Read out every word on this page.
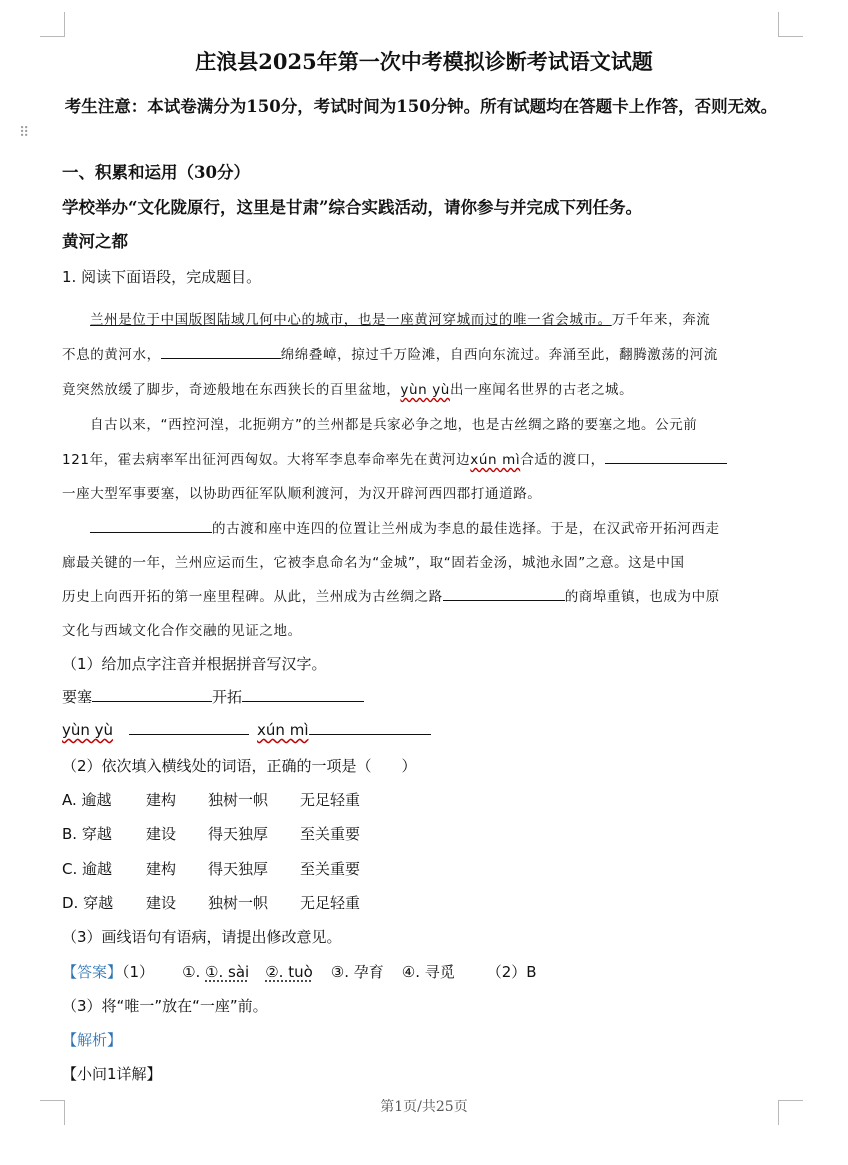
⠿
庄浪县2025年第一次中考模拟诊断考试语文试题
考生注意：本试卷满分为150分，考试时间为150分钟。所有试题均在答题卡上作答，否则无效。
一、积累和运用（30分）
学校举办“文化陇原行，这里是甘肃”综合实践活动，请你参与并完成下列任务。
黄河之都
1. 阅读下面语段，完成题目。
兰州是位于中国版图陆域几何中心的城市，也是一座黄河穿城而过的唯一省会城市。万千年来，奔流
不息的黄河水，	绵绵叠嶂，掠过千万险滩，自西向东流过。奔涌至此，翻腾激荡的河流
竟突然放缓了脚步，奇迹般地在东西狭长的百里盆地，yùn yù出一座闻名世界的古老之城。
自古以来，“西控河湟，北扼朔方”的兰州都是兵家必争之地，也是古丝绸之路的要塞之地。公元前
121年，霍去病率军出征河西匈奴。大将军李息奉命率先在黄河边xún mì合适的渡口，
一座大型军事要塞，以协助西征军队顺利渡河，为汉开辟河西四郡打通道路。
的古渡和座中连四的位置让兰州成为李息的最佳选择。于是，在汉武帝开拓河西走
廊最关键的一年，兰州应运而生，它被李息命名为“金城”，取“固若金汤，城池永固”之意。这是中国
历史上向西开拓的第一座里程碑。从此，兰州成为古丝绸之路	的商埠重镇，也成为中原
文化与西域文化合作交融的见证之地。
（1）给加点字注音并根据拼音写汉字。
要塞	开拓
yùn yù	xún mì
（2）依次填入横线处的词语，正确的一项是（　　）
A. 逾越 建构 独树一帜 无足轻重
B. 穿越 建设 得天独厚 至关重要
C. 逾越 建构 得天独厚 至关重要
D. 穿越 建设 独树一帜 无足轻重
（3）画线语句有语病，请提出修改意见。
【答案】（1） ①. ①. sài ②. tuò ③. 孕育 ④. 寻觅 （2）B
（3）将“唯一”放在“一座”前。
【解析】
【小问1详解】
第1页/共25页
